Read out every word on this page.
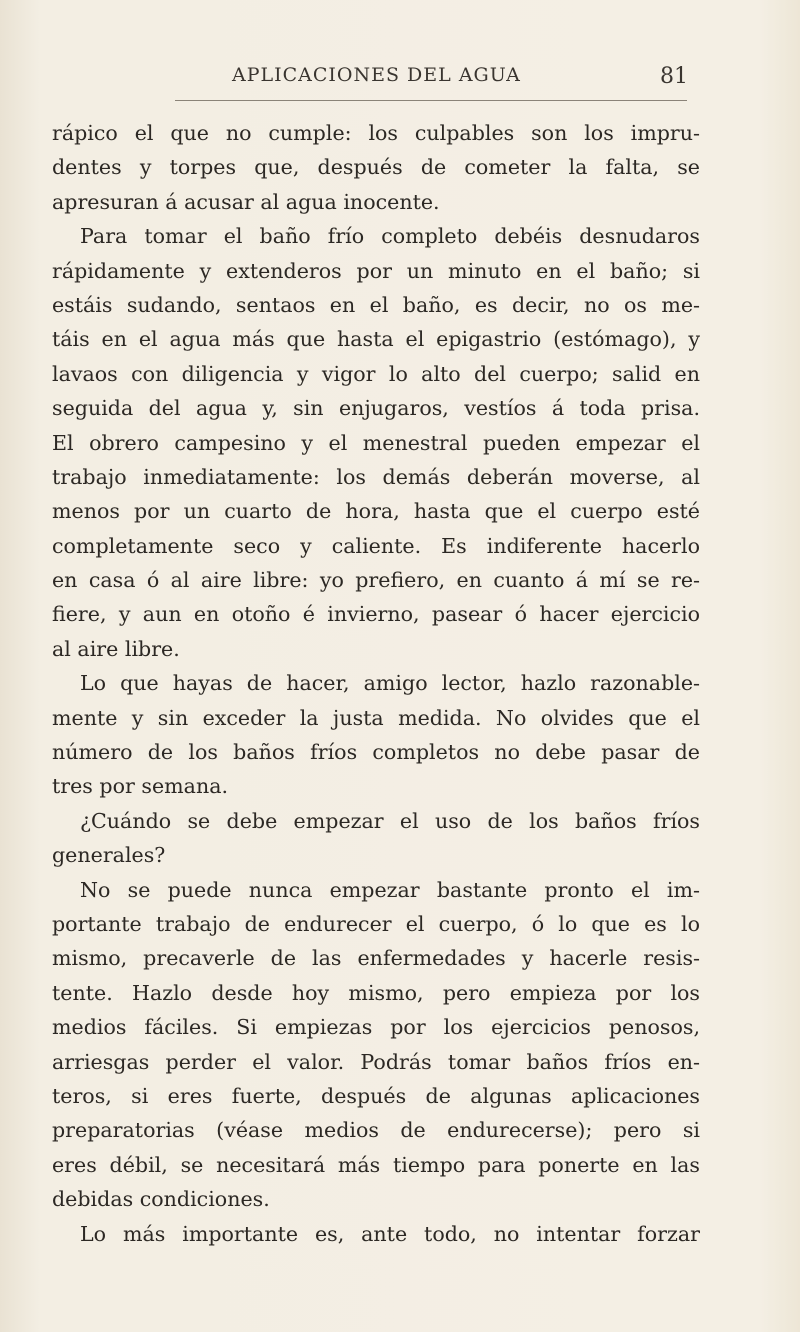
APLICACIONES DEL AGUA	81
rápico el que no cumple: los culpables son los impru-
dentes y torpes que, después de cometer la falta, se
apresuran á acusar al agua inocente.
Para tomar el baño frío completo debéis desnudaros
rápidamente y extenderos por un minuto en el baño; si
estáis sudando, sentaos en el baño, es decir, no os me-
táis en el agua más que hasta el epigastrio (estómago), y
lavaos con diligencia y vigor lo alto del cuerpo; salid en
seguida del agua y, sin enjugaros, vestíos á toda prisa.
El obrero campesino y el menestral pueden empezar el
trabajo inmediatamente: los demás deberán moverse, al
menos por un cuarto de hora, hasta que el cuerpo esté
completamente seco y caliente. Es indiferente hacerlo
en casa ó al aire libre: yo prefiero, en cuanto á mí se re-
fiere, y aun en otoño é invierno, pasear ó hacer ejercicio
al aire libre.
Lo que hayas de hacer, amigo lector, hazlo razonable-
mente y sin exceder la justa medida. No olvides que el
número de los baños fríos completos no debe pasar de
tres por semana.
¿Cuándo se debe empezar el uso de los baños fríos
generales?
No se puede nunca empezar bastante pronto el im-
portante trabajo de endurecer el cuerpo, ó lo que es lo
mismo, precaverle de las enfermedades y hacerle resis-
tente. Hazlo desde hoy mismo, pero empieza por los
medios fáciles. Si empiezas por los ejercicios penosos,
arriesgas perder el valor. Podrás tomar baños fríos en-
teros, si eres fuerte, después de algunas aplicaciones
preparatorias (véase medios de endurecerse); pero si
eres débil, se necesitará más tiempo para ponerte en las
debidas condiciones.
Lo más importante es, ante todo, no intentar forzar
